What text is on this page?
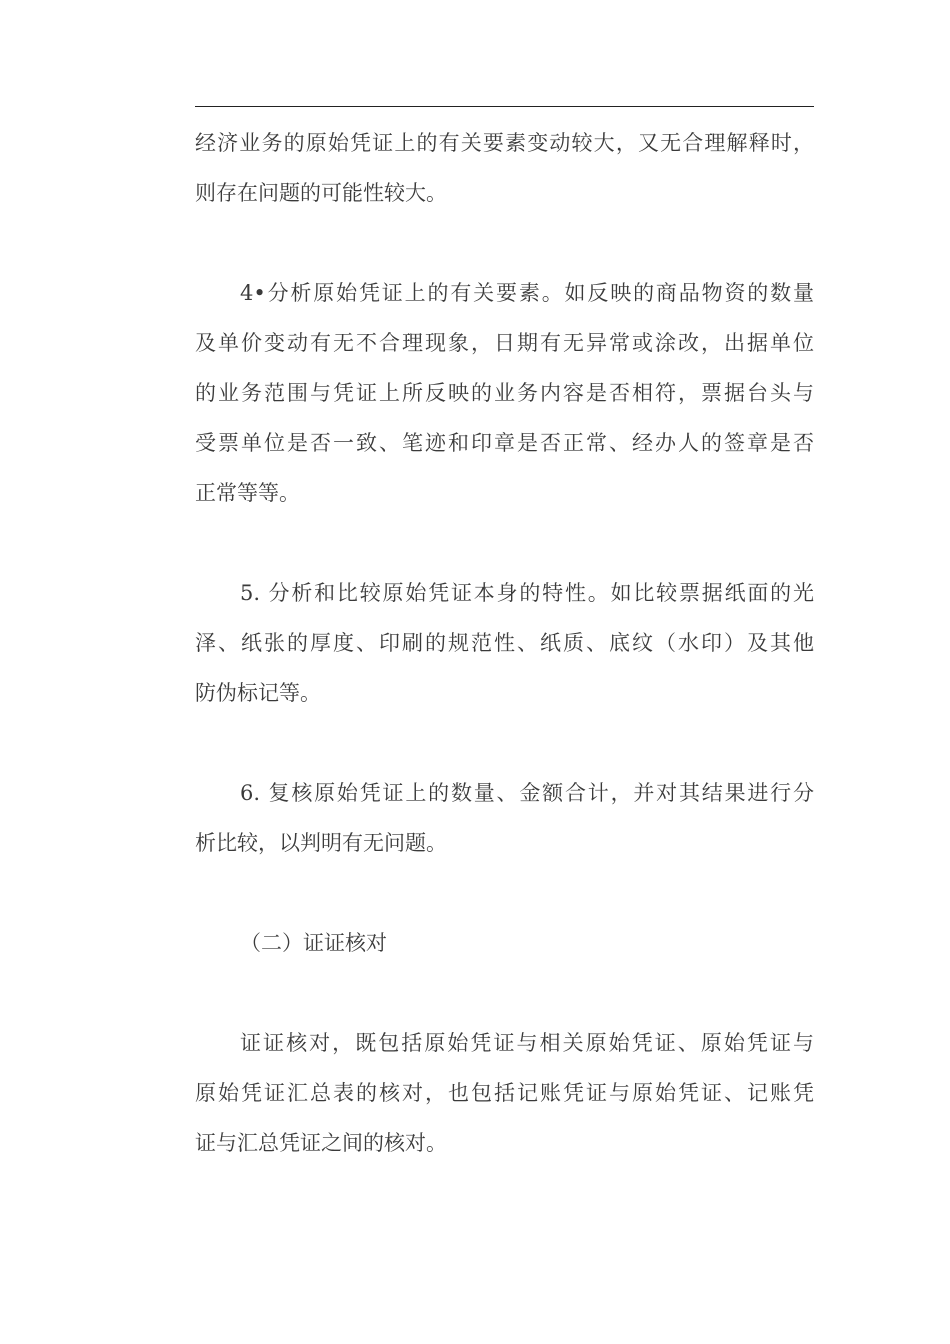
经济业务的原始凭证上的有关要素变动较大，又无合理解释时，
则存在问题的可能性较大。
4•分析原始凭证上的有关要素。如反映的商品物资的数量
及单价变动有无不合理现象，日期有无异常或涂改，出据单位
的业务范围与凭证上所反映的业务内容是否相符，票据台头与
受票单位是否一致、笔迹和印章是否正常、经办人的签章是否
正常等等。
5. 分析和比较原始凭证本身的特性。如比较票据纸面的光
泽、纸张的厚度、印刷的规范性、纸质、底纹（水印）及其他
防伪标记等。
6. 复核原始凭证上的数量、金额合计，并对其结果进行分
析比较，以判明有无问题。
（二）证证核对
证证核对，既包括原始凭证与相关原始凭证、原始凭证与
原始凭证汇总表的核对，也包括记账凭证与原始凭证、记账凭
证与汇总凭证之间的核对。
